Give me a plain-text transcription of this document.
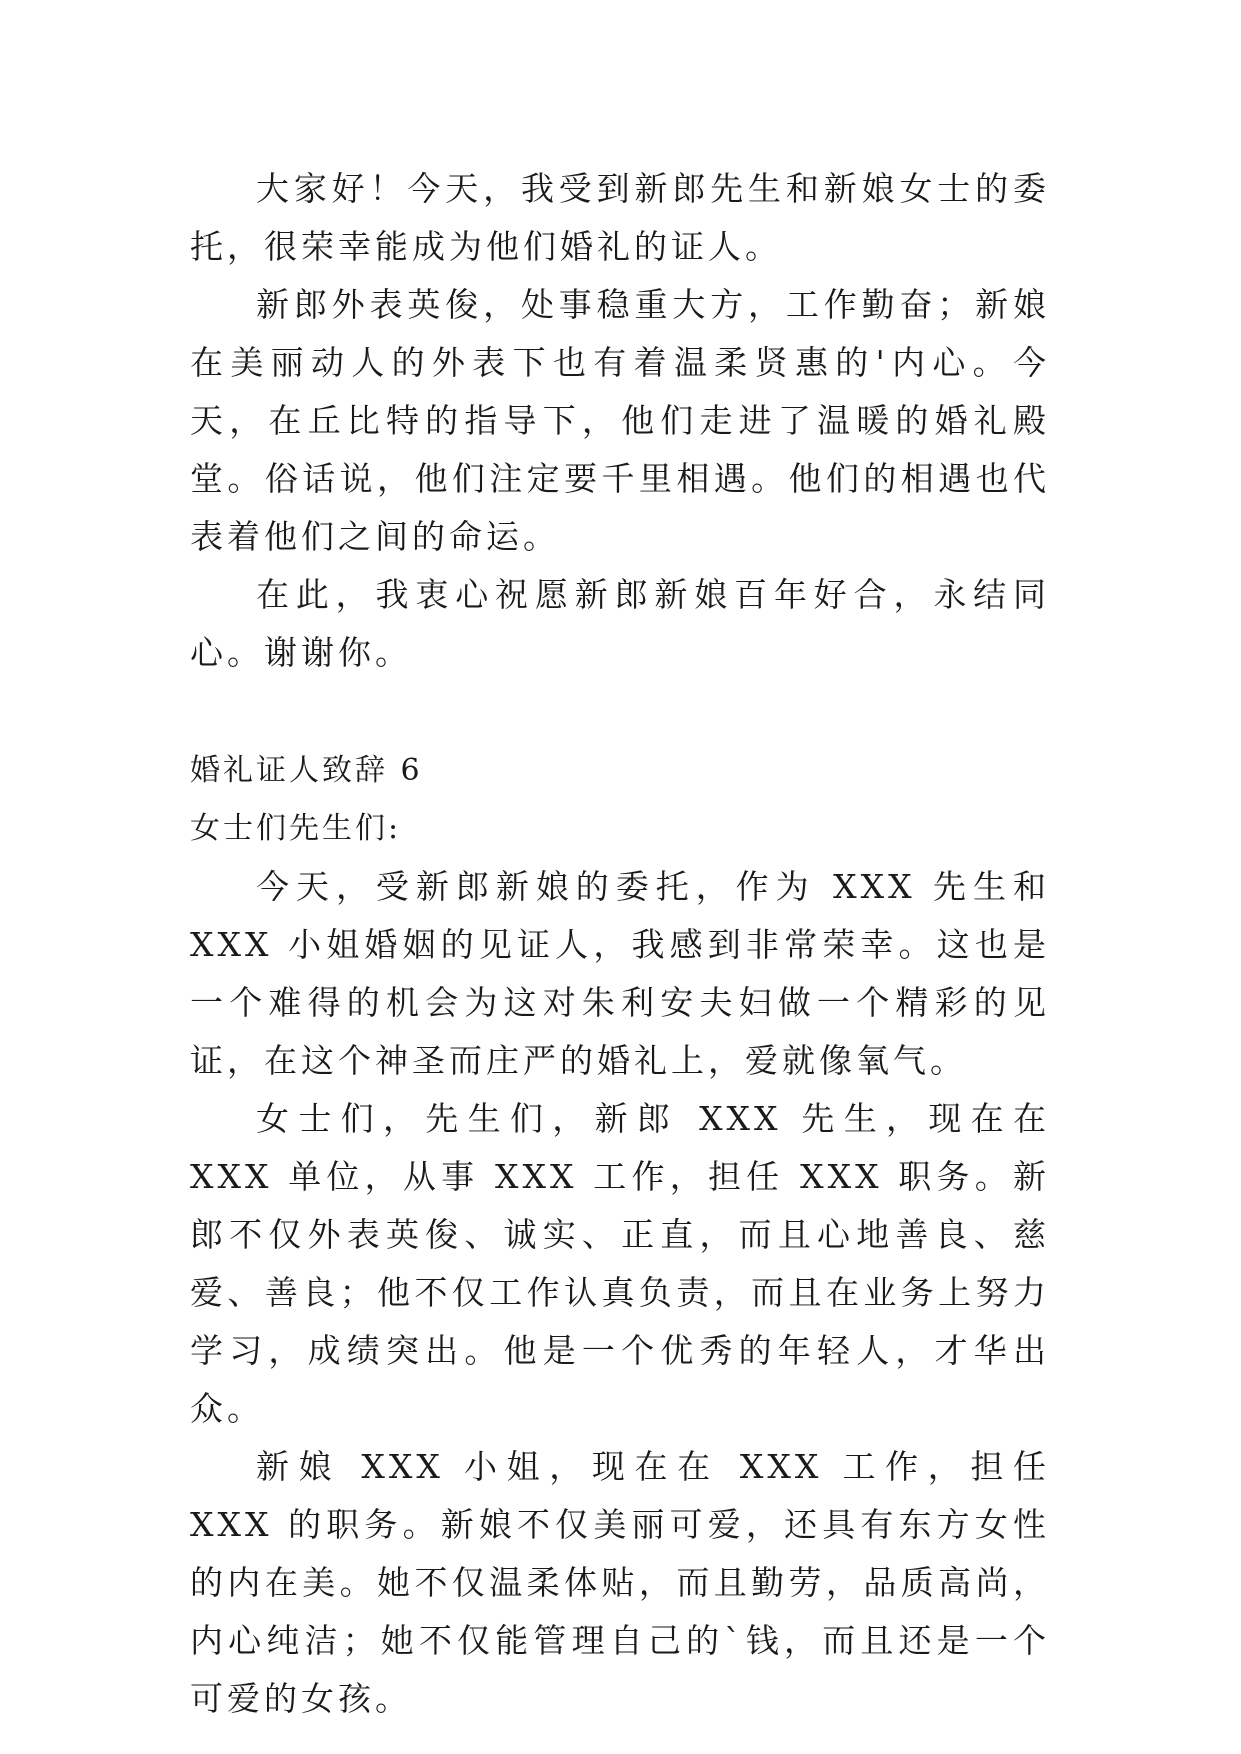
大家好！今天，我受到新郎先生和新娘女士的委托，很荣幸能成为他们婚礼的证人。

新郎外表英俊，处事稳重大方，工作勤奋；新娘在美丽动人的外表下也有着温柔贤惠的'内心。今天，在丘比特的指导下，他们走进了温暖的婚礼殿堂。俗话说，他们注定要千里相遇。他们的相遇也代表着他们之间的命运。

在此，我衷心祝愿新郎新娘百年好合，永结同心。谢谢你。

婚礼证人致辞 6

女士们先生们:

今天，受新郎新娘的委托，作为 XXX 先生和 XXX 小姐婚姻的见证人，我感到非常荣幸。这也是一个难得的机会为这对朱利安夫妇做一个精彩的见证，在这个神圣而庄严的婚礼上，爱就像氧气。

女士们，先生们，新郎 XXX 先生，现在在 XXX 单位，从事 XXX 工作，担任 XXX 职务。新郎不仅外表英俊、诚实、正直，而且心地善良、慈爱、善良；他不仅工作认真负责，而且在业务上努力学习，成绩突出。他是一个优秀的年轻人，才华出众。

新娘 XXX 小姐，现在在 XXX 工作，担任 XXX 的职务。新娘不仅美丽可爱，还具有东方女性的内在美。她不仅温柔体贴，而且勤劳，品质高尚，内心纯洁；她不仅能管理自己的`钱，而且还是一个可爱的女孩。
